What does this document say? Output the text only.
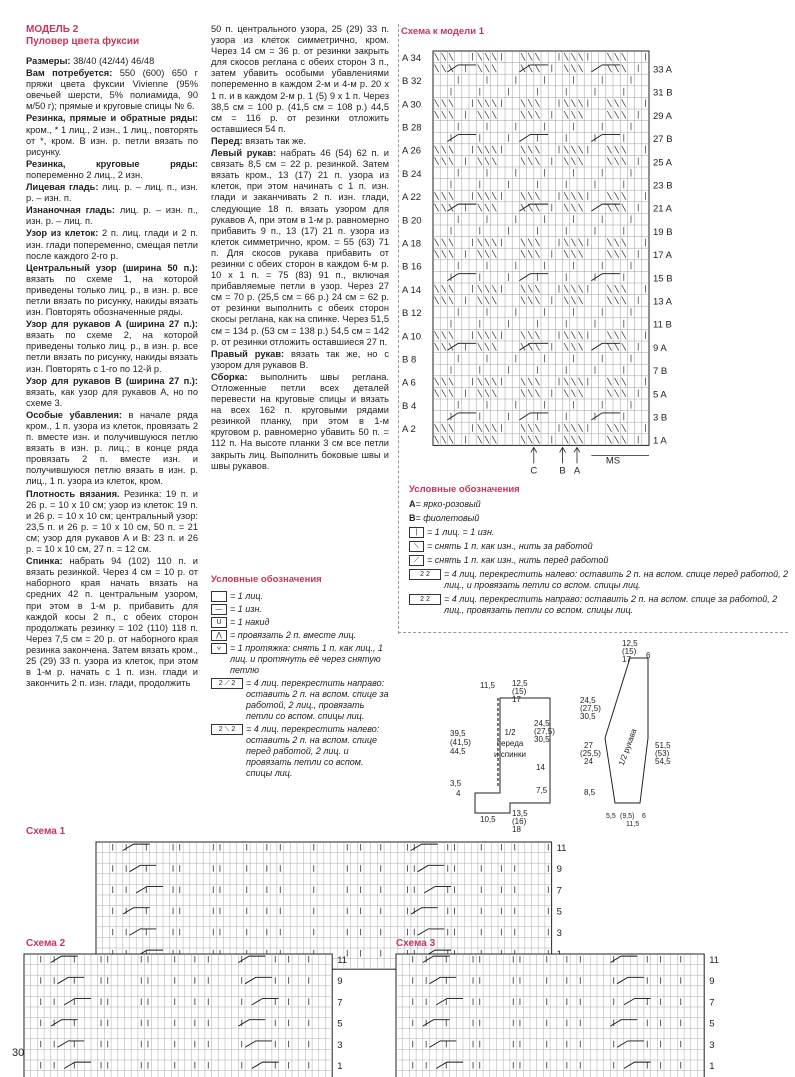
МОДЕЛЬ 2
Пуловер цвета фуксии

Размеры: 38/40 (42/44) 46/48

Вам потребуется: 550 (600) 650 г пряжи цвета фуксии Vivienne (95% овечьей шерсти, 5% полиамида, 90 м/50 г); прямые и круговые спицы № 6.

Резинка, прямые и обратные ряды: кром., * 1 лиц., 2 изн., 1 лиц., повторять от *, кром. В изн. р. петли вязать по рисунку.

Резинка, круговые ряды: попеременно 2 лиц., 2 изн.

Лицевая гладь: лиц. р. – лиц. п., изн. р. – изн. п.

Изнаночная гладь: лиц. р. – изн. п., изн. р. – лиц. п.

Узор из клеток: 2 п. лиц. глади и 2 п. изн. глади попеременно, смещая петли после каждого 2-го р.

Центральный узор (ширина 50 п.): вязать по схеме 1, на которой приведены только лиц. р., в изн. р. все петли вязать по рисунку, накиды вязать изн. Повторять обозначенные ряды.

Узор для рукавов А (ширина 27 п.): вязать по схеме 2, на которой приведены только лиц. р., в изн. р. все петли вязать по рисунку, накиды вязать изн. Повторять с 1-го по 12-й р.

Узор для рукавов В (ширина 27 п.): вязать, как узор для рукавов А, но по схеме 3.

Особые убавления: в начале ряда кром., 1 п. узора из клеток, провязать 2 п. вместе изн. и получившуюся петлю вязать в изн. р. лиц.; в конце ряда провязать 2 п. вместе изн. и получившуюся петлю вязать в изн. р. лиц., 1 п. узора из клеток, кром.

Плотность вязания. Резинка: 19 п. и 26 р. = 10 х 10 см; узор из клеток: 19 п. и 26 р. = 10 х 10 см; центральный узор: 23,5 п. и 26 р. = 10 х 10 см, 50 п. = 21 см; узор для рукавов А и В: 23 п. и 26 р. = 10 х 10 см, 27 п. = 12 см.

Спинка: набрать 94 (102) 110 п. и вязать резинкой. Через 4 см = 10 р. от наборного края начать вязать на средних 42 п. центральным узором, при этом в 1-м р. прибавить для каждой косы 2 п., с обеих сторон продолжать резинку = 102 (110) 118 п. Через 7,5 см = 20 р. от наборного края резинка закончена. Затем вязать кром., 25 (29) 33 п. узора из клеток, при этом в 1-м р. начать с 1 п. изн. глади и закончить 2 п. изн. глади, продолжить

50 п. центрального узора, 25 (29) 33 п. узора из клеток симметрично, кром. Через 14 см = 36 р. от резинки закрыть для скосов реглана с обеих сторон 3 п., затем убавить особыми убавлениями попеременно в каждом 2-м и 4-м р. 20 х 1 п. и в каждом 2-м р. 1 (5) 9 х 1 п. Через 38,5 см = 100 р. (41,5 см = 108 р.) 44,5 см = 116 р. от резинки отложить оставшиеся 54 п.

Перед: вязать так же.

Левый рукав: набрать 46 (54) 62 п. и связать 8,5 см = 22 р. резинкой. Затем вязать кром., 13 (17) 21 п. узора из клеток, при этом начинать с 1 п. изн. глади и заканчивать 2 п. изн. глади, следующие 18 п. вязать узором для рукавов А, при этом в 1-м р. равномерно прибавить 9 п., 13 (17) 21 п. узора из клеток симметрично, кром. = 55 (63) 71 п. Для скосов рукава прибавить от резинки с обеих сторон в каждом 6-м р. 10 х 1 п. = 75 (83) 91 п., включая прибавляемые петли в узор. Через 27 см = 70 р. (25,5 см = 66 р.) 24 см = 62 р. от резинки выполнить с обеих сторон скосы реглана, как на спинке. Через 51,5 см = 134 р. (53 см = 138 р.) 54,5 см = 142 р. от резинки отложить оставшиеся 27 п.

Правый рукав: вязать так же, но с узором для рукавов В.

Сборка: выполнить швы реглана. Отложенные петли всех деталей перевести на круговые спицы и вязать на всех 162 п. круговыми рядами резинкой планку, при этом в 1-м круговом р. равномерно убавить 50 п. = 112 п. На высоте планки 3 см все петли закрыть лиц. Выполнить боковые швы и швы рукавов.

Условные обозначения
= 1 лиц.
— = 1 изн.
U = 1 накид
⋀ = провязать 2 п. вместе лиц.
⩒ = 1 протяжка: снять 1 п. как лиц., 1 лиц. и протянуть её через снятую петлю
2 ⟋ 2	= 4 лиц. перекрестить направо: оставить 2 п. на вспом. спице за работой, 2 лиц., провязать петли со вспом. спицы лиц.
2 ⟍ 2	= 4 лиц. перекрестить налево: оставить 2 п. на вспом. спице перед работой, 2 лиц. и провязать петли со вспом. спицы лиц.
Схема к модели 1
A 34
B 32
A 30
B 28
A 26
B 24
A 22
B 20
A 18
B 16
A 14
B 12
A 10
B 8
A 6
B 4
A 2
33 A
31 B
29 A
27 B
25 A
23 B
21 A
19 B
17 A
15 B
13 A
11 B
9 A
7 B
5 A
3 B
1 A
C B A
MS
Условные обозначения
A = ярко-розовый
B = фиолетовый
|	= 1 лиц. = 1 изн.
⟍ = снять 1 п. как изн., нить за работой
⟋ = снять 1 п. как изн., нить перед работой
2 2	= 4 лиц. перекрестить налево: оставить 2 п. на вспом. спице перед работой, 2 лиц., и провязать петли со вспом. спицы лиц.
2 2	= 4 лиц. перекрестить направо: оставить 2 п. на вспом. спице за работой, 2 лиц., провязать петли со вспом. спицы лиц.
11,5
39,5
(41,5)
44,5
3,5
4
12,5
(15)
17
24,5
(27,5)
30,5
14
7,5
10,5
13,5
(16)
18
1/2
переда
и спинки
12,5
(15)
17 6
24,5
(27,5)
30,5
27
(25,5)
24
8,5
51,5
(53)
54,5
5,5 (9,5)
11,5
6
1/2 рукава
Схема 1
11
9
7
5
3
Схема 2
11
9
7
5
3
1
Схема 3
11
9
7
5
3
1
30
